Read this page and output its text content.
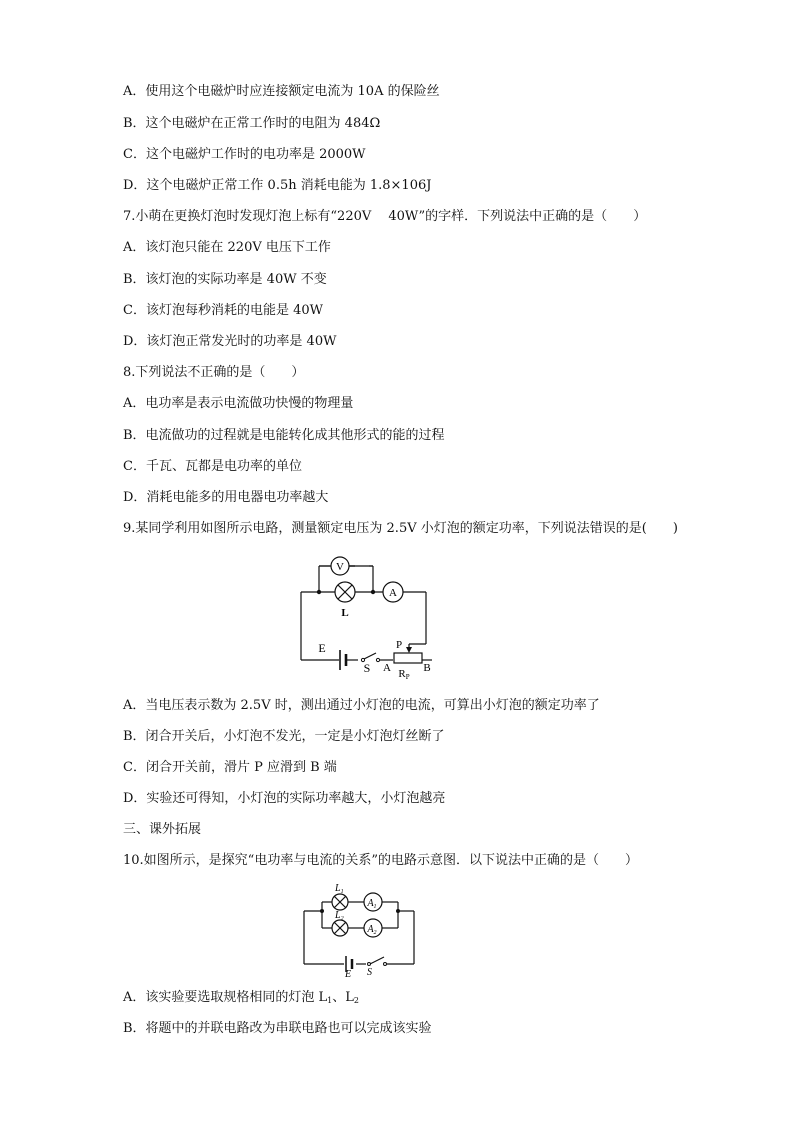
A．使用这个电磁炉时应连接额定电流为 10A 的保险丝
B．这个电磁炉在正常工作时的电阻为 484Ω
C．这个电磁炉工作时的电功率是 2000W
D．这个电磁炉正常工作 0.5h 消耗电能为 1.8×106J
7.小萌在更换灯泡时发现灯泡上标有“220V　 40W”的字样．下列说法中正确的是（ ）
A．该灯泡只能在 220V 电压下工作
B．该灯泡的实际功率是 40W 不变
C．该灯泡每秒消耗的电能是 40W
D．该灯泡正常发光时的功率是 40W
8.下列说法不正确的是（ ）
A．电功率是表示电流做功快慢的物理量
B．电流做功的过程就是电能转化成其他形式的能的过程
C．千瓦、瓦都是电功率的单位
D．消耗电能多的用电器电功率越大
9.某同学利用如图所示电路，测量额定电压为 2.5V 小灯泡的额定功率，下列说法错误的是( )
V
L
A
E
S
P
A	B
RP
A．当电压表示数为 2.5V 时，测出通过小灯泡的电流，可算出小灯泡的额定功率了
B．闭合开关后，小灯泡不发光，一定是小灯泡灯丝断了
C．闭合开关前，滑片 P 应滑到 B 端
D．实验还可得知，小灯泡的实际功率越大，小灯泡越亮
三、课外拓展
10.如图所示，是探究“电功率与电流的关系”的电路示意图．以下说法中正确的是（ ）
$A_1$
$A_2$
$L_1$
$L_2$
E S
A．该实验要选取规格相同的灯泡 $L_1$、$L_2$
B．将题中的并联电路改为串联电路也可以完成该实验
